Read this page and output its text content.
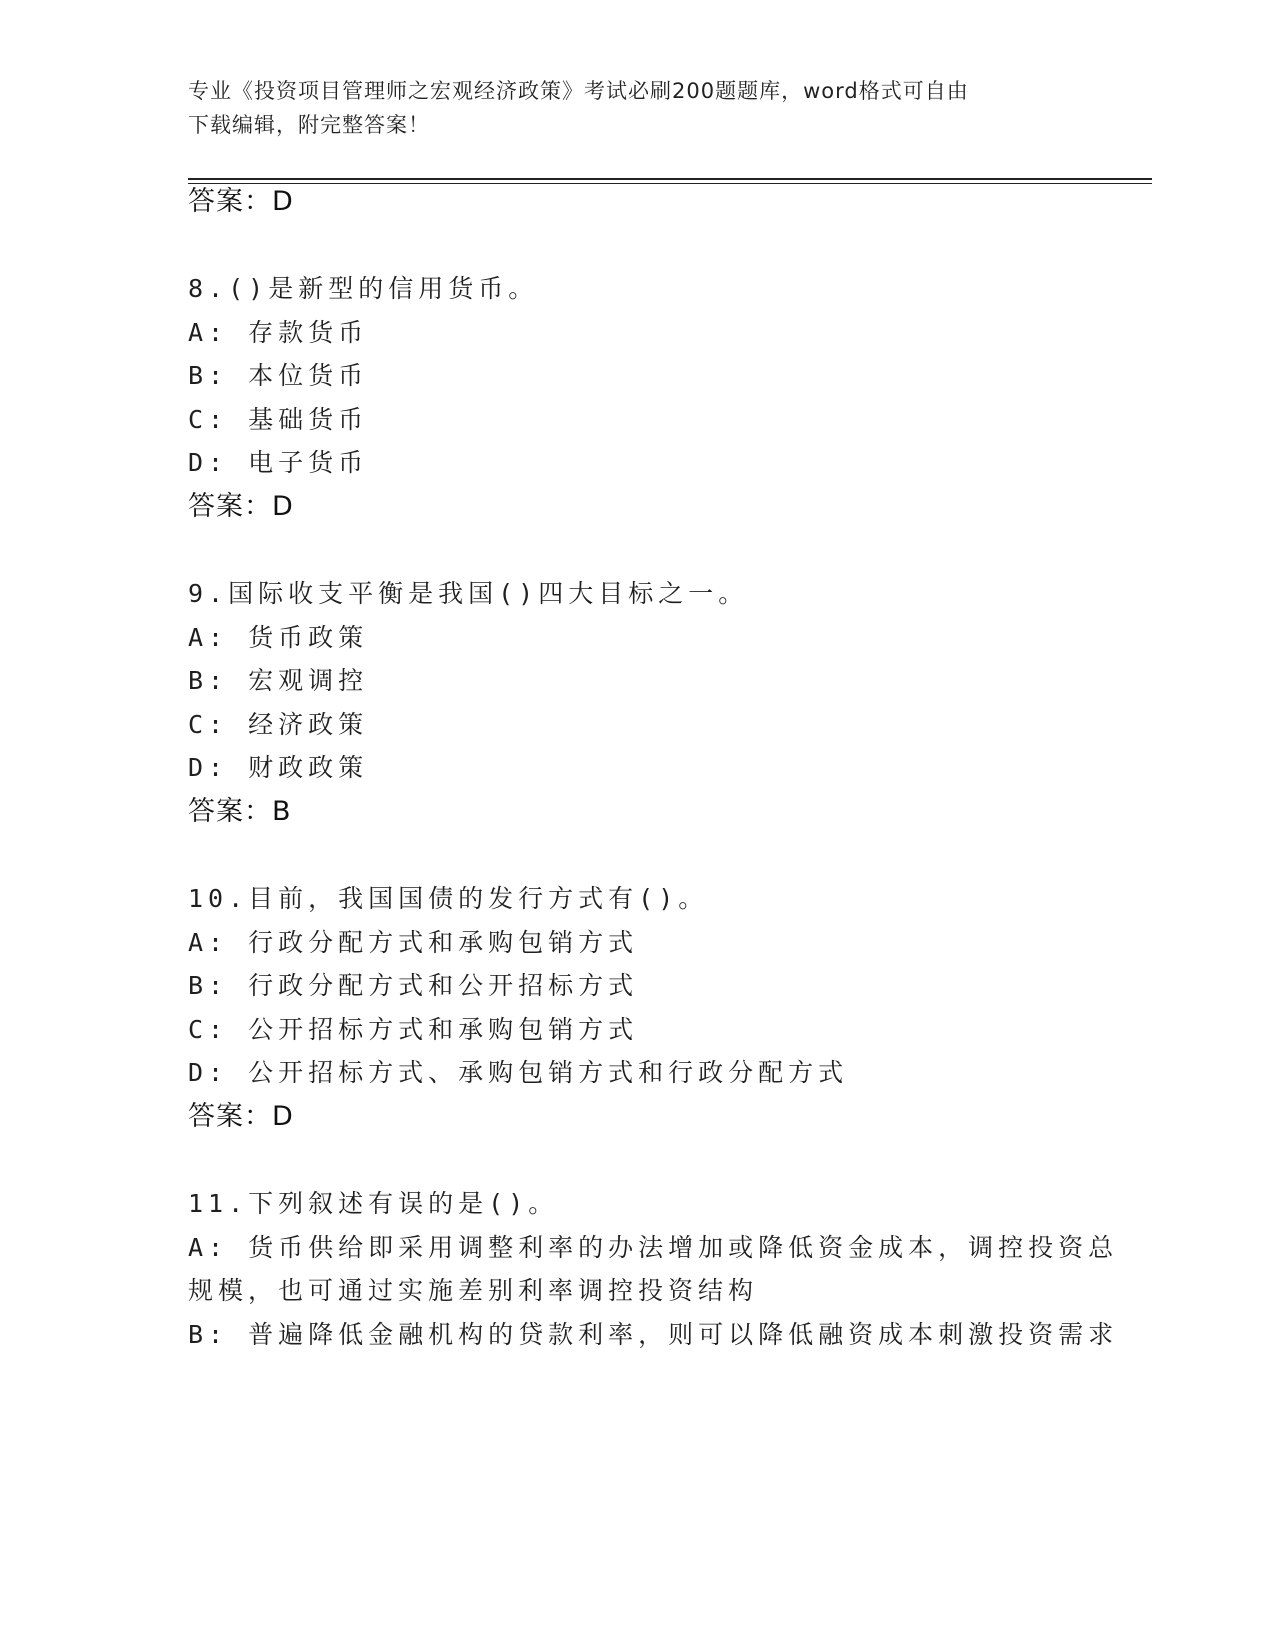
专业《投资项目管理师之宏观经济政策》考试必刷200题题库，word格式可自由
下载编辑，附完整答案！
答案：D
8.()是新型的信用货币。
A: 存款货币
B: 本位货币
C: 基础货币
D: 电子货币
答案：D
9.国际收支平衡是我国()四大目标之一。
A: 货币政策
B: 宏观调控
C: 经济政策
D: 财政政策
答案：B
10.目前，我国国债的发行方式有()。
A: 行政分配方式和承购包销方式
B: 行政分配方式和公开招标方式
C: 公开招标方式和承购包销方式
D: 公开招标方式、承购包销方式和行政分配方式
答案：D
11.下列叙述有误的是()。
A: 货币供给即采用调整利率的办法增加或降低资金成本，调控投资总
规模，也可通过实施差别利率调控投资结构
B: 普遍降低金融机构的贷款利率，则可以降低融资成本刺激投资需求
